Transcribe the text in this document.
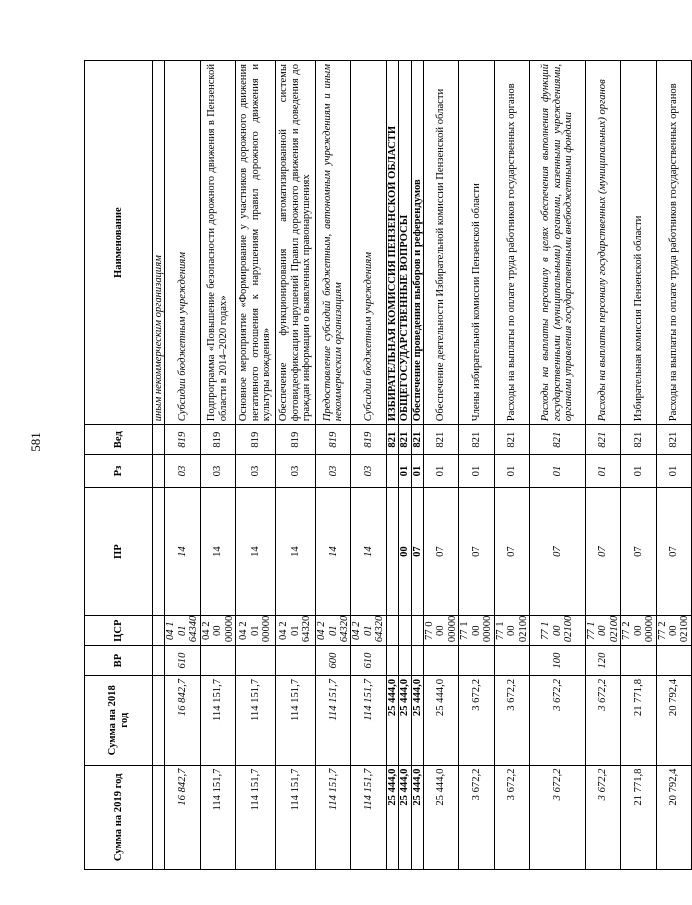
581
Сумма на 2019 год	Сумма на 2018 год	ВР	ЦСР	ПР	Рз	Вед	Наименование
							иным некоммерческим организациям
16 842,7	16 842,7	610	04 1 01 64340	14	03	819	Субсидии бюджетным учреждениям
114 151,7	114 151,7		04 2 00 00000	14	03	819	Подпрограмма «Повышение безопасности дорожного движения в Пензенской области в 2014–2020 годах»
114 151,7	114 151,7		04 2 01 00000	14	03	819	Основное мероприятие «Формирование у участников дорожного движения негативного отношения к нарушениям правил дорожного движения и культуры вождения»
114 151,7	114 151,7		04 2 01 64320	14	03	819	Обеспечение функционирования автоматизированной системы фотовидеофиксации нарушений Правил дорожного движения и доведения до граждан информации о выявленных правонарушениях
114 151,7	114 151,7	600	04 2 01 64320	14	03	819	Предоставление субсидий бюджетным, автономным учреждениям и иным некоммерческим организациям
114 151,7	114 151,7	610	04 2 01 64320	14	03	819	Субсидии бюджетным учреждениям
25 444,0	25 444,0					821	ИЗБИРАТЕЛЬНАЯ КОМИССИЯ ПЕНЗЕНСКОЙ ОБЛАСТИ
25 444,0	25 444,0			00	01	821	ОБЩЕГОСУДАРСТВЕННЫЕ ВОПРОСЫ
25 444,0	25 444,0			07	01	821	Обеспечение проведения выборов и референдумов
25 444,0	25 444,0		77 0 00 00000	07	01	821	Обеспечение деятельности Избирательной комиссии Пензенской области
3 672,2	3 672,2		77 1 00 00000	07	01	821	Члены избирательной комиссии Пензенской области
3 672,2	3 672,2		77 1 00 02100	07	01	821	Расходы на выплаты по оплате труда работников государственных органов
3 672,2	3 672,2	100	77 1 00 02100	07	01	821	Расходы на выплаты персоналу в целях обеспечения выполнения функций государственными (муниципальными) органами, казенными учреждениями, органами управления государственными внебюджетными фондами
3 672,2	3 672,2	120	77 1 00 02100	07	01	821	Расходы на выплаты персоналу государственных (муниципальных) органов
21 771,8	21 771,8		77 2 00 00000	07	01	821	Избирательная комиссия Пензенской области
20 792,4	20 792,4		77 2 00 02100	07	01	821	Расходы на выплаты по оплате труда работников государственных органов
